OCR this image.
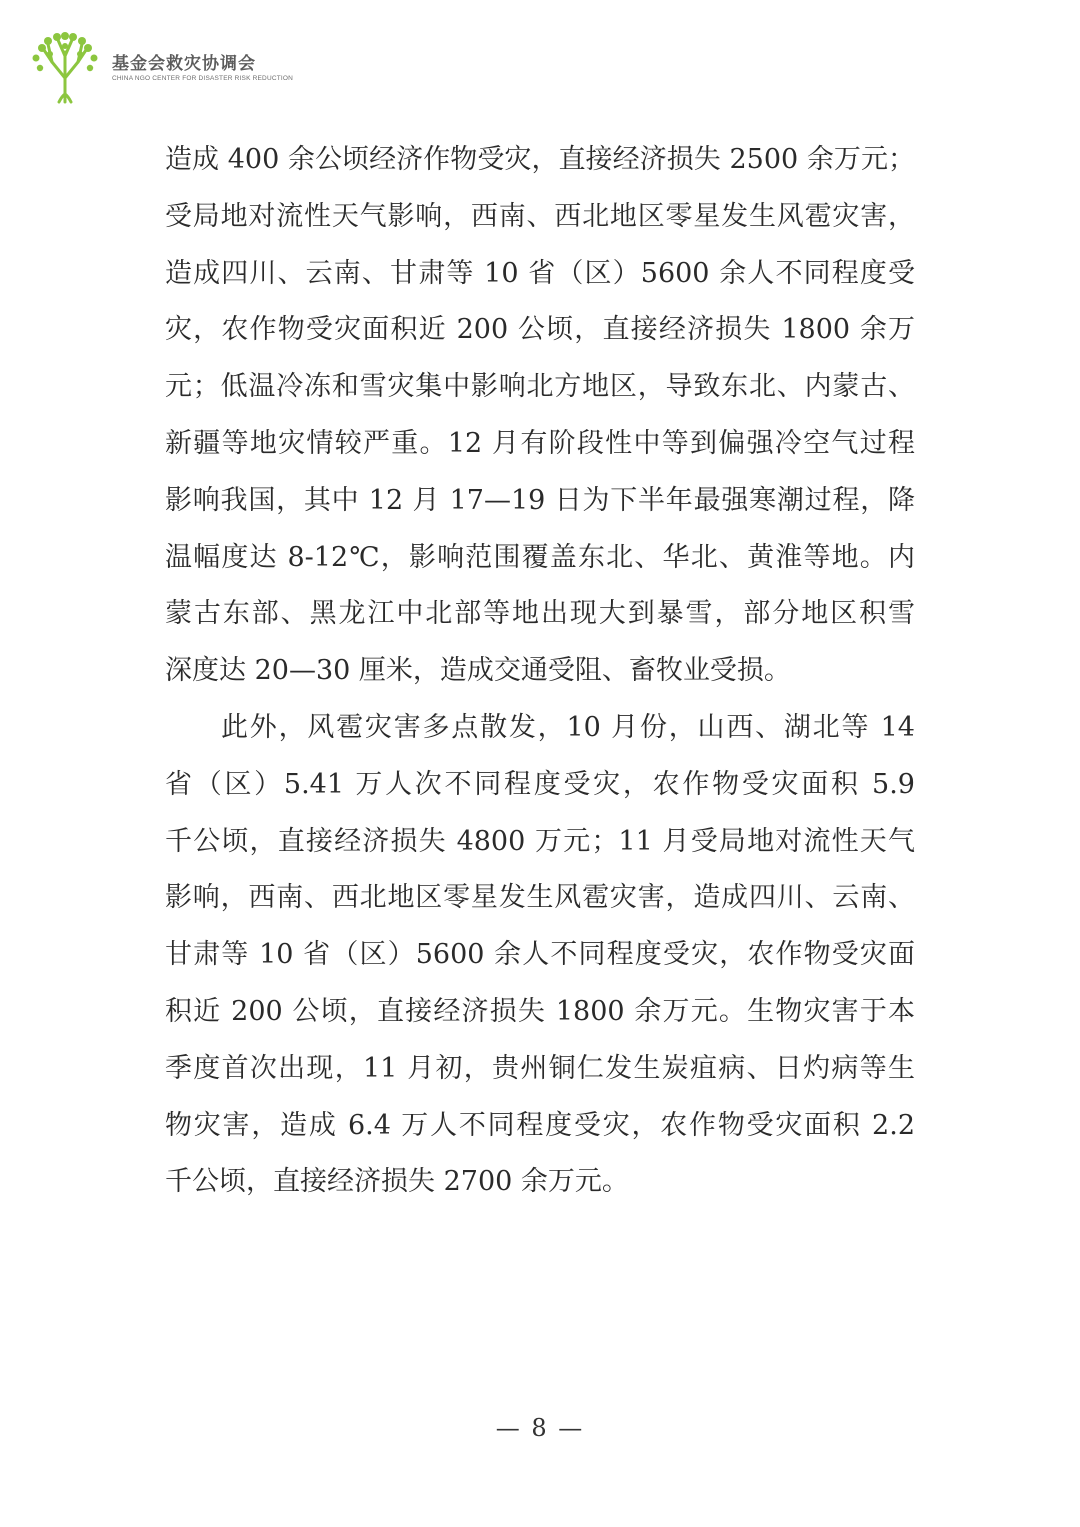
基金会救灾协调会
CHINA NGO CENTER FOR DISASTER RISK REDUCTION
造成 400 余公顷经济作物受灾，直接经济损失 2500 余万元；
受局地对流性天气影响，西南、西北地区零星发生风雹灾害，
造成四川、云南、甘肃等 10 省（区）5600 余人不同程度受
灾，农作物受灾面积近 200 公顷，直接经济损失 1800 余万
元；低温冷冻和雪灾集中影响北方地区，导致东北、内蒙古、
新疆等地灾情较严重。12 月有阶段性中等到偏强冷空气过程
影响我国，其中 12 月 17—19 日为下半年最强寒潮过程，降
温幅度达 8-12℃，影响范围覆盖东北、华北、黄淮等地。内
蒙古东部、黑龙江中北部等地出现大到暴雪，部分地区积雪
深度达 20—30 厘米，造成交通受阻、畜牧业受损。
此外，风雹灾害多点散发，10 月份，山西、湖北等 14
省（区）5.41 万人次不同程度受灾，农作物受灾面积 5.9
千公顷，直接经济损失 4800 万元；11 月受局地对流性天气
影响，西南、西北地区零星发生风雹灾害，造成四川、云南、
甘肃等 10 省（区）5600 余人不同程度受灾，农作物受灾面
积近 200 公顷，直接经济损失 1800 余万元。生物灾害于本
季度首次出现，11 月初，贵州铜仁发生炭疽病、日灼病等生
物灾害，造成 6.4 万人不同程度受灾，农作物受灾面积 2.2
千公顷，直接经济损失 2700 余万元。
— 8 —
